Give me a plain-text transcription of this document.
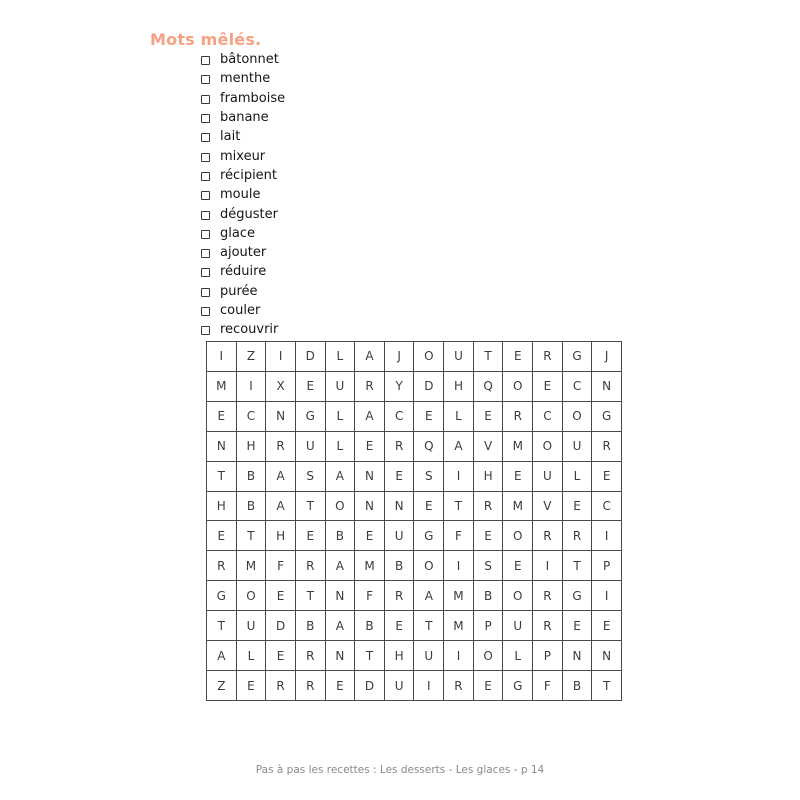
Mots mêlés.
bâtonnet
menthe
framboise
banane
lait
mixeur
récipient
moule
déguster
glace
ajouter
réduire
purée
couler
recouvrir
I	Z	I	D	L	A	J	O	U	T	E	R	G	J
M	I	X	E	U	R	Y	D	H	Q	O	E	C	N
E	C	N	G	L	A	C	E	L	E	R	C	O	G
N	H	R	U	L	E	R	Q	A	V	M	O	U	R
T	B	A	S	A	N	E	S	I	H	E	U	L	E
H	B	A	T	O	N	N	E	T	R	M	V	E	C
E	T	H	E	B	E	U	G	F	E	O	R	R	I
R	M	F	R	A	M	B	O	I	S	E	I	T	P
G	O	E	T	N	F	R	A	M	B	O	R	G	I
T	U	D	B	A	B	E	T	M	P	U	R	E	E
A	L	E	R	N	T	H	U	I	O	L	P	N	N
Z	E	R	R	E	D	U	I	R	E	G	F	B	T
Pas à pas les recettes : Les desserts - Les glaces - p 14
